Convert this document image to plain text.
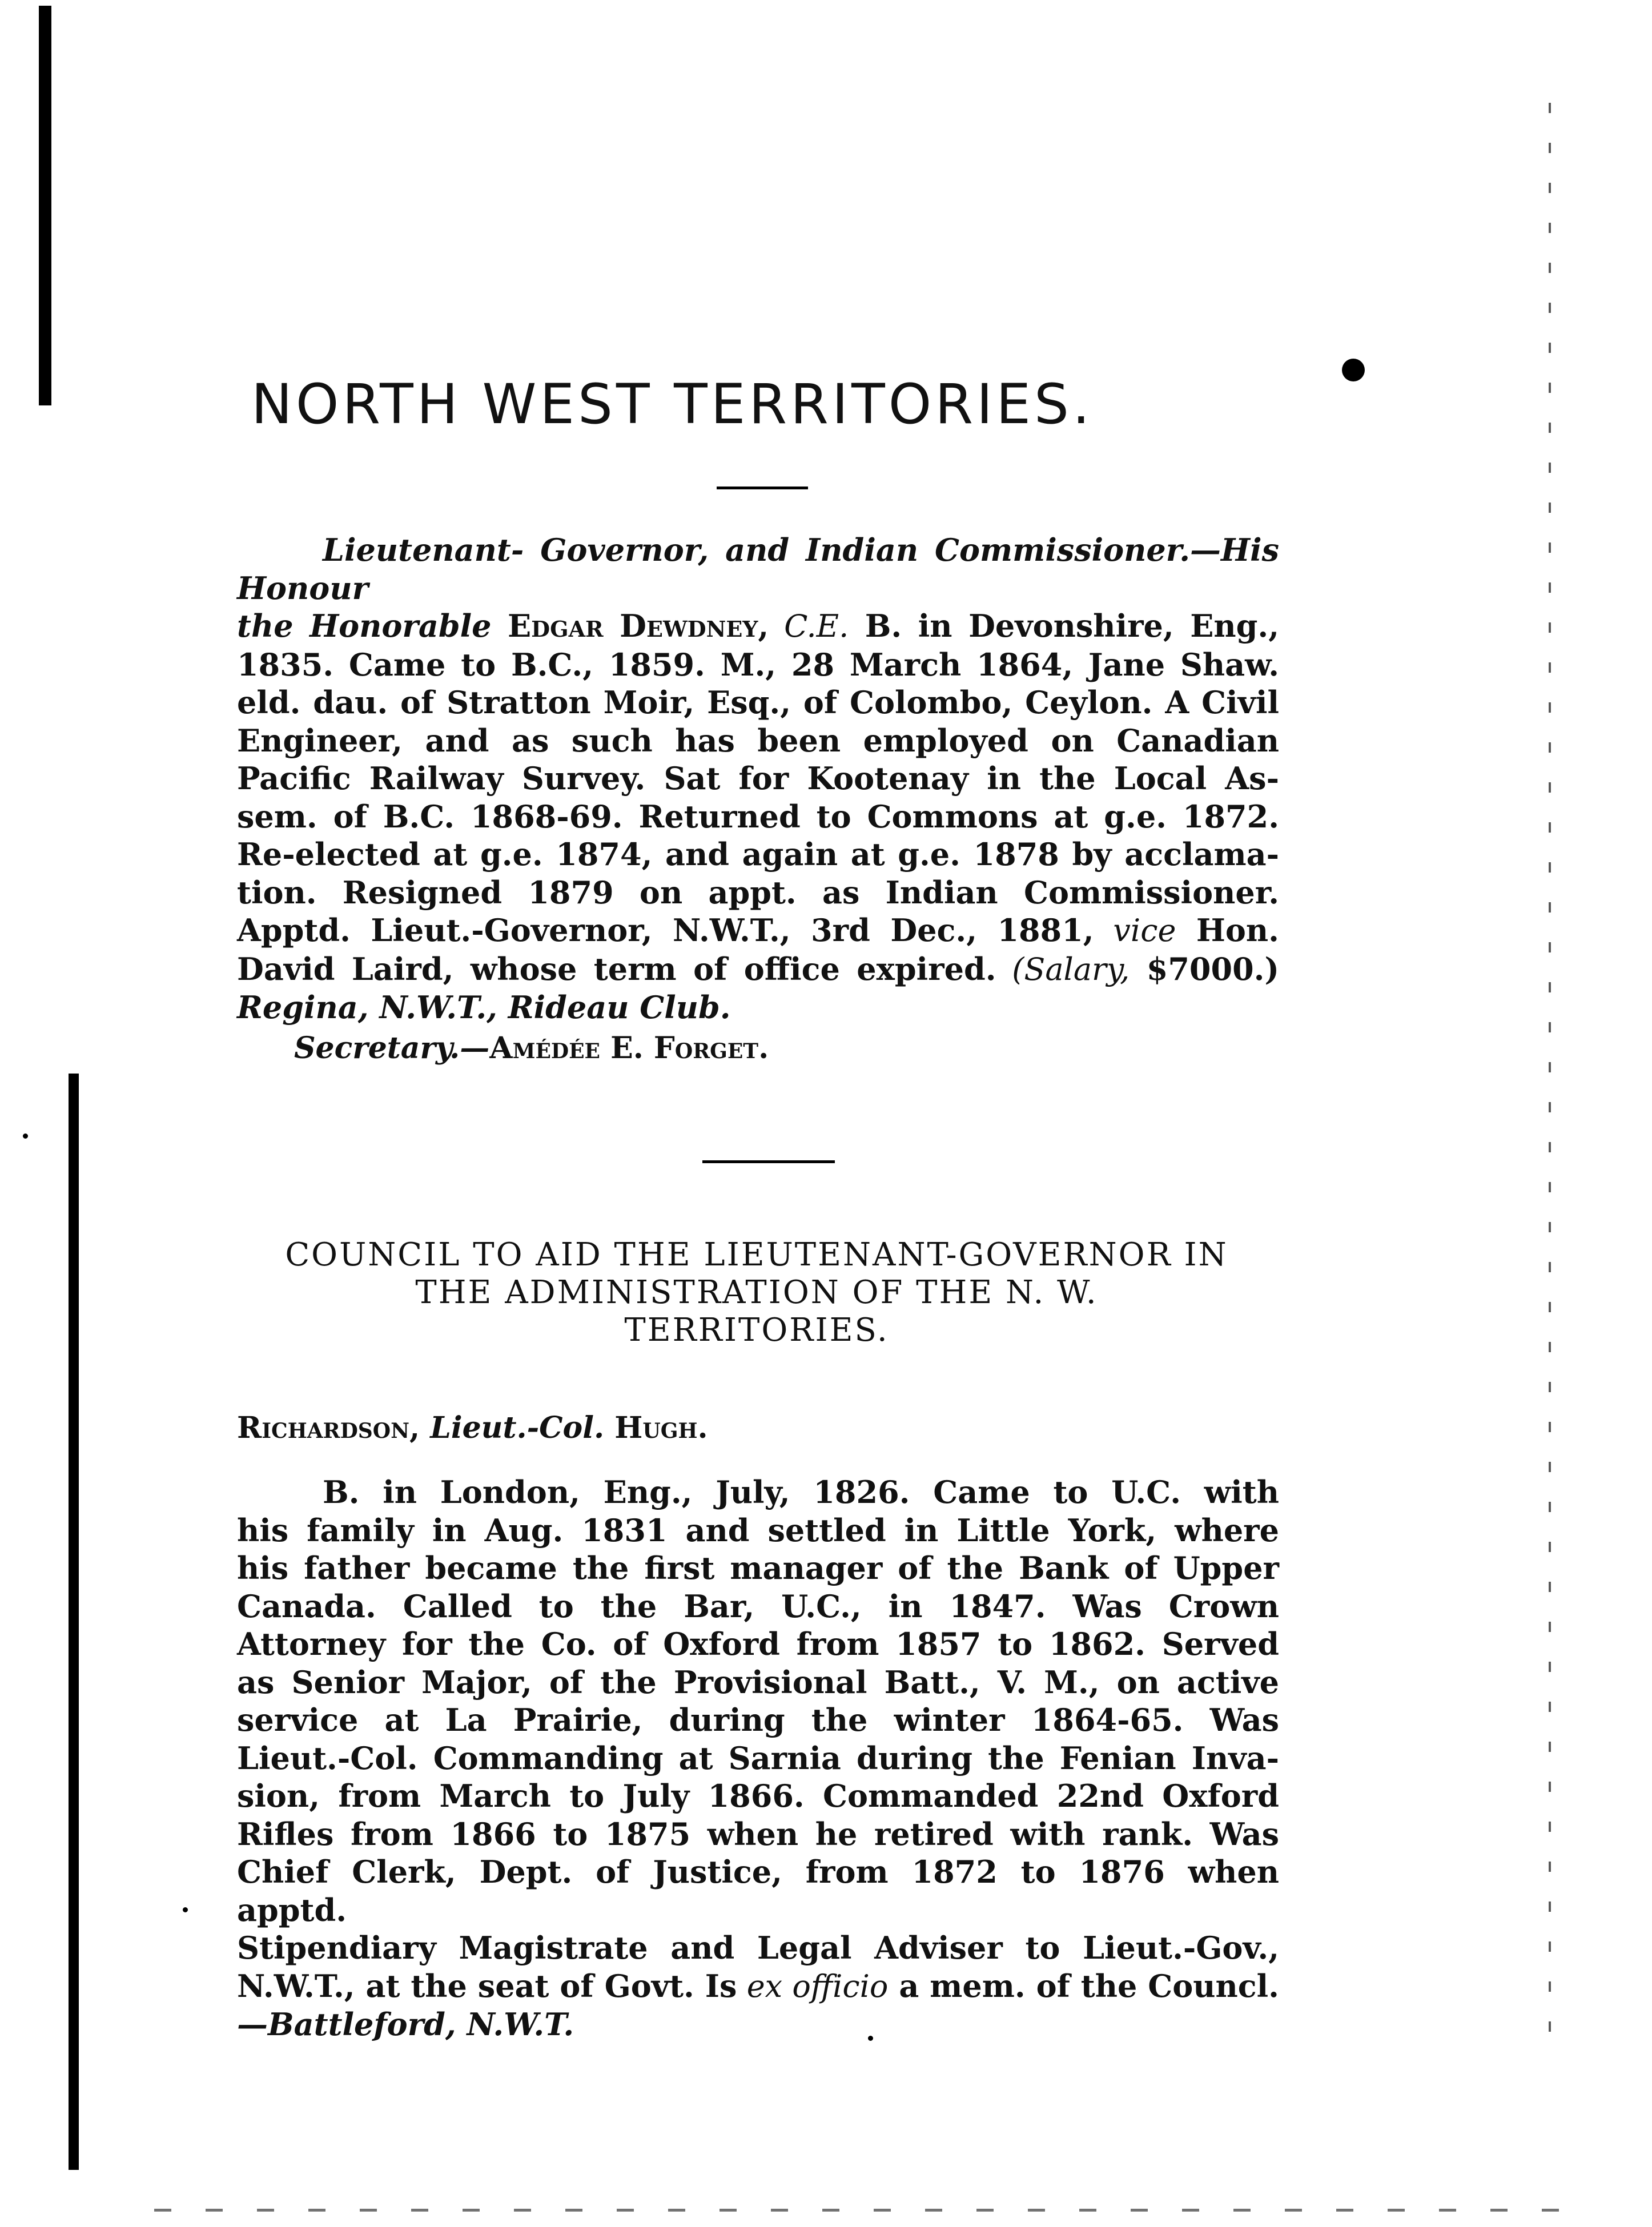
NORTH WEST TERRITORIES.
Lieutenant- Governor, and Indian Commissioner.—His Honour
the Honorable Edgar Dewdney, C.E. B. in Devonshire, Eng.,
1835. Came to B.C., 1859. M., 28 March 1864, Jane Shaw.
eld. dau. of Stratton Moir, Esq., of Colombo, Ceylon. A Civil
Engineer, and as such has been employed on Canadian
Pacific Railway Survey. Sat for Kootenay in the Local As-
sem. of B.C. 1868-69. Returned to Commons at g.e. 1872.
Re-elected at g.e. 1874, and again at g.e. 1878 by acclama-
tion. Resigned 1879 on appt. as Indian Commissioner.
Apptd. Lieut.-Governor, N.W.T., 3rd Dec., 1881, vice Hon.
David Laird, whose term of office expired. (Salary, $7000.)
Regina, N.W.T., Rideau Club.

Secretary.—Amédée E. Forget.

COUNCIL TO AID THE LIEUTENANT-GOVERNOR IN
THE ADMINISTRATION OF THE N. W.
TERRITORIES.

Richardson, Lieut.-Col. Hugh.

B. in London, Eng., July, 1826. Came to U.C. with
his family in Aug. 1831 and settled in Little York, where
his father became the first manager of the Bank of Upper
Canada. Called to the Bar, U.C., in 1847. Was Crown
Attorney for the Co. of Oxford from 1857 to 1862. Served
as Senior Major, of the Provisional Batt., V. M., on active
service at La Prairie, during the winter 1864-65. Was
Lieut.-Col. Commanding at Sarnia during the Fenian Inva-
sion, from March to July 1866. Commanded 22nd Oxford
Rifles from 1866 to 1875 when he retired with rank. Was
Chief Clerk, Dept. of Justice, from 1872 to 1876 when apptd.
Stipendiary Magistrate and Legal Adviser to Lieut.-Gov.,
N.W.T., at the seat of Govt. Is ex officio a mem. of the Councl.
—Battleford, N.W.T.
